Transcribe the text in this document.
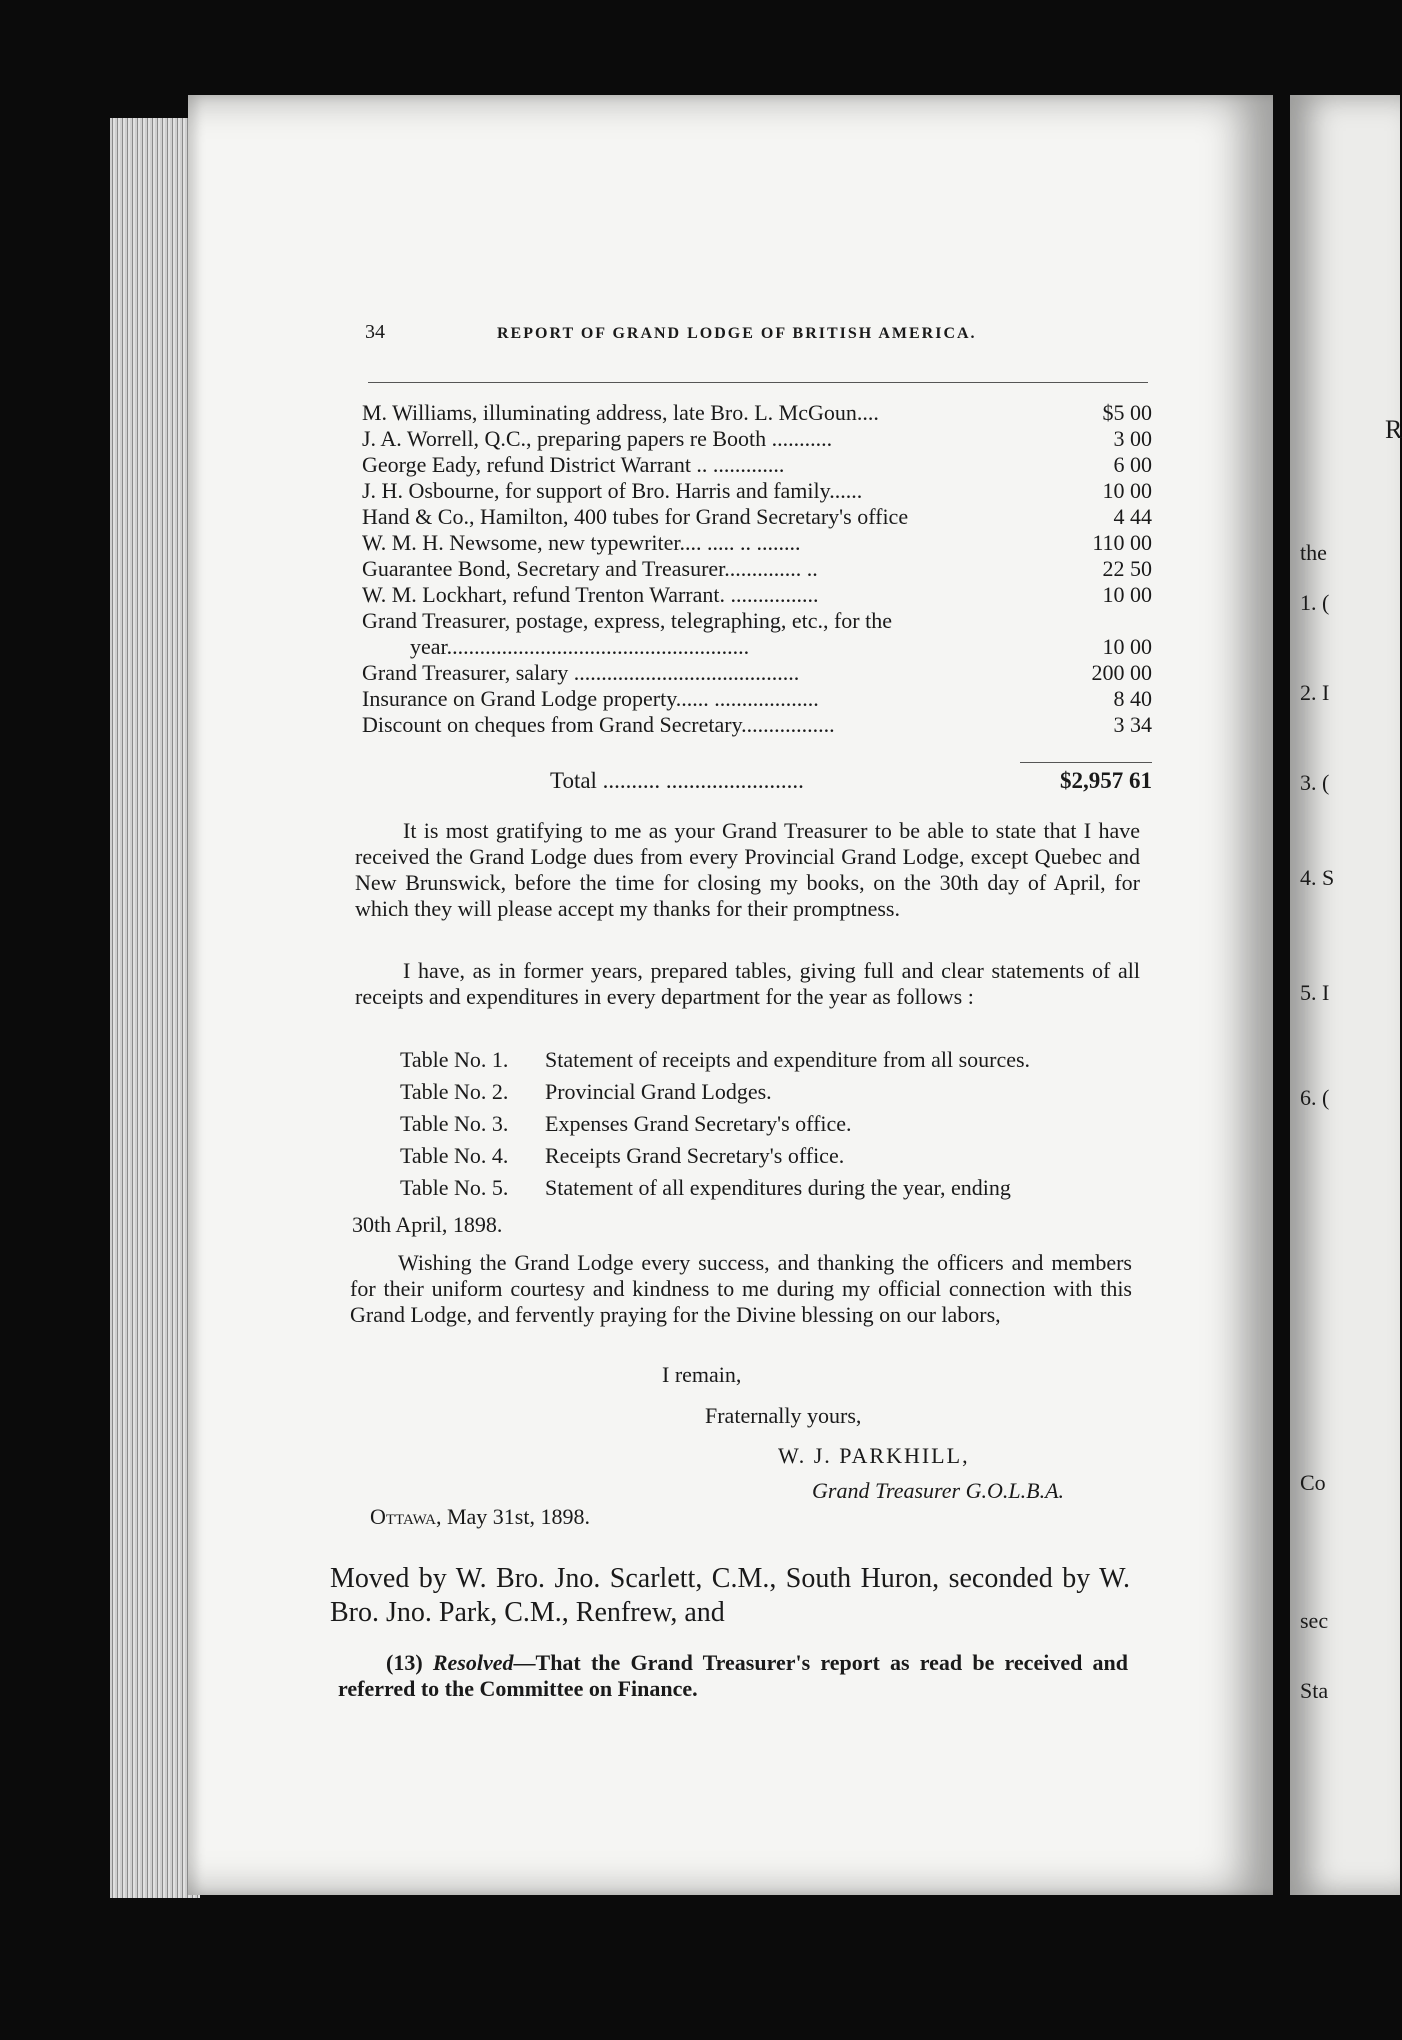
34	REPORT OF GRAND LODGE OF BRITISH AMERICA.
M. Williams, illuminating address, late Bro. L. McGoun....	$5 00
J. A. Worrell, Q.C., preparing papers re Booth ...........	3 00
George Eady, refund District Warrant .. .............	6 00
J. H. Osbourne, for support of Bro. Harris and family......	10 00
Hand & Co., Hamilton, 400 tubes for Grand Secretary's office	4 44
W. M. H. Newsome, new typewriter.... ..... .. ........	110 00
Guarantee Bond, Secretary and Treasurer.............. ..	22 50
W. M. Lockhart, refund Trenton Warrant. ................	10 00
Grand Treasurer, postage, express, telegraphing, etc., for the
year.......................................................	10 00
Grand Treasurer, salary .........................................	200 00
Insurance on Grand Lodge property...... ...................	8 40
Discount on cheques from Grand Secretary.................	3 34
Total .......... ........................	$2,957 61
It is most gratifying to me as your Grand Treasurer to be able to state that I have received the Grand Lodge dues from every Provincial Grand Lodge, except Quebec and New Brunswick, before the time for closing my books, on the 30th day of April, for which they will please accept my thanks for their promptness.
I have, as in former years, prepared tables, giving full and clear statements of all receipts and expenditures in every department for the year as follows :
Table No. 1. Statement of receipts and expenditure from all sources.
Table No. 2. Provincial Grand Lodges.
Table No. 3. Expenses Grand Secretary's office.
Table No. 4. Receipts Grand Secretary's office.
Table No. 5. Statement of all expenditures during the year, ending
30th April, 1898.
Wishing the Grand Lodge every success, and thanking the officers and members for their uniform courtesy and kindness to me during my official connection with this Grand Lodge, and fervently praying for the Divine blessing on our labors,
I remain,
Fraternally yours,
W. J. PARKHILL,
Grand Treasurer G.O.L.B.A.
Ottawa, May 31st, 1898.
Moved by W. Bro. Jno. Scarlett, C.M., South Huron, seconded by W. Bro. Jno. Park, C.M., Renfrew, and
(13) Resolved—That the Grand Treasurer's report as read be received and referred to the Committee on Finance.
R
the
1. (
2. I
3. (
4. S
5. I
6. (
Co
sec
Sta
